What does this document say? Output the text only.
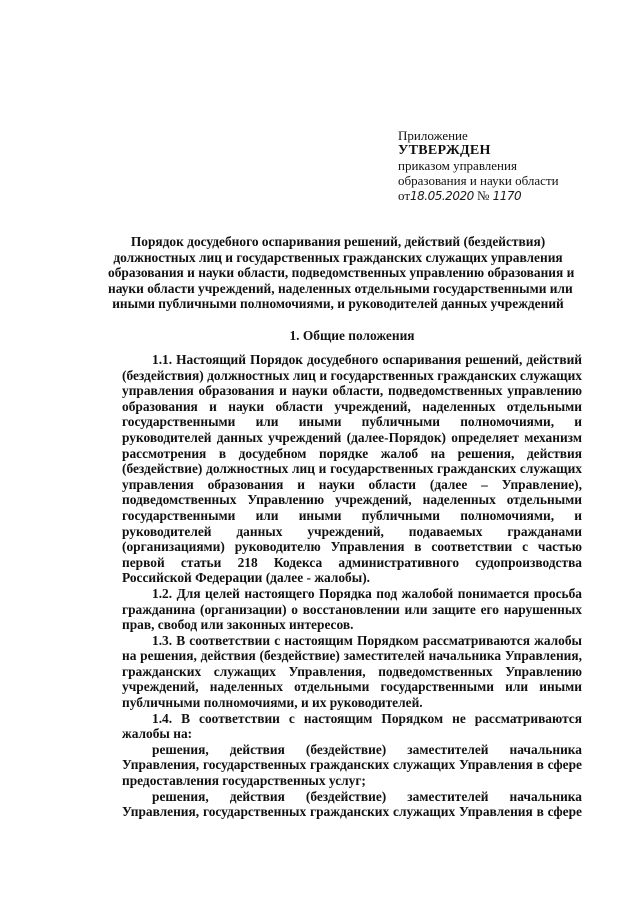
Приложение
УТВЕРЖДЕН
приказом управления
образования и науки области
от18.05.2020 № 1170
Порядок досудебного оспаривания решений, действий (бездействия)
должностных лиц и государственных гражданских служащих управления
образования и науки области, подведомственных управлению образования и
науки области учреждений, наделенных отдельными государственными или
иными публичными полномочиями, и руководителей данных учреждений
1. Общие положения

1.1. Настоящий Порядок досудебного оспаривания решений, действий (бездействия) должностных лиц и государственных гражданских служащих управления образования и науки области, подведомственных управлению образования и науки области учреждений, наделенных отдельными государственными или иными публичными полномочиями, и руководителей данных учреждений (далее-Порядок) определяет механизм рассмотрения в досудебном порядке жалоб на решения, действия (бездействие) должностных лиц и государственных гражданских служащих управления образования и науки области (далее – Управление), подведомственных Управлению учреждений, наделенных отдельными государственными или иными публичными полномочиями, и руководителей данных учреждений, подаваемых гражданами (организациями) руководителю Управления в соответствии с частью первой статьи 218 Кодекса административного судопроизводства Российской Федерации (далее - жалобы).

1.2. Для целей настоящего Порядка под жалобой понимается просьба гражданина (организации) о восстановлении или защите его нарушенных прав, свобод или законных интересов.

1.3. В соответствии с настоящим Порядком рассматриваются жалобы на решения, действия (бездействие) заместителей начальника Управления, гражданских служащих Управления, подведомственных Управлению учреждений, наделенных отдельными государственными или иными публичными полномочиями, и их руководителей.

1.4. В соответствии с настоящим Порядком не рассматриваются жалобы на:

решения, действия (бездействие) заместителей начальника Управления, государственных гражданских служащих Управления в сфере предоставления государственных услуг;

решения, действия (бездействие) заместителей начальника Управления, государственных гражданских служащих Управления в сфере
